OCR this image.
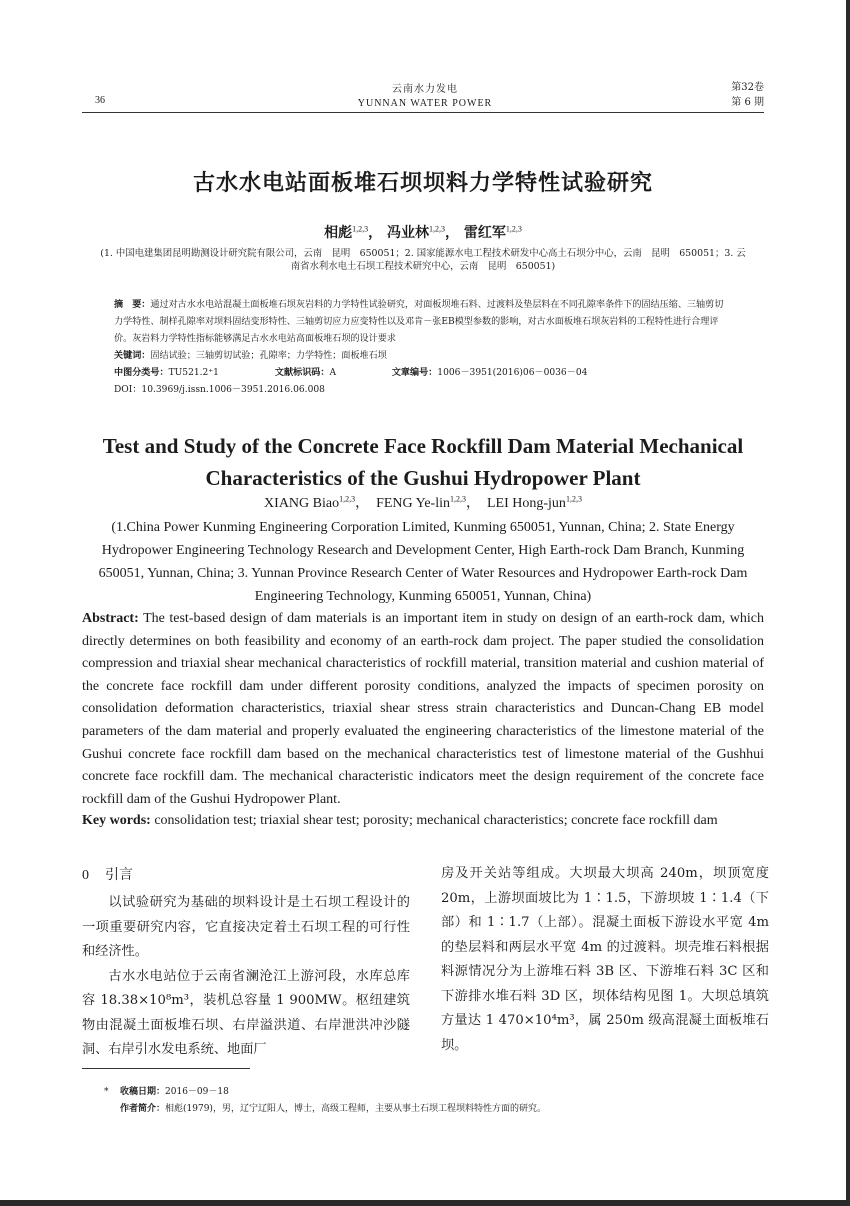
36
云南水力发电
YUNNAN WATER POWER
第32卷
第 6 期
古水水电站面板堆石坝坝料力学特性试验研究
相彪$^{1,2,3}$， 冯业林$^{1,2,3}$， 雷红军$^{1,2,3}$
(1. 中国电建集团昆明勘测设计研究院有限公司，云南　昆明　650051；2. 国家能源水电工程技术研发中心高土石坝分中心，云南　昆明　650051；3. 云南省水利水电土石坝工程技术研究中心，云南　昆明　650051)
摘　要：通过对古水水电站混凝土面板堆石坝灰岩料的力学特性试验研究，对面板坝堆石料、过渡料及垫层料在不同孔隙率条件下的固结压缩、三轴剪切力学特性、制样孔隙率对坝料固结变形特性、三轴剪切应力应变特性以及邓肯－张EB模型参数的影响，对古水面板堆石坝灰岩料的工程特性进行合理评价。灰岩料力学特性指标能够满足古水水电站高面板堆石坝的设计要求
关键词：固结试验；三轴剪切试验；孔隙率；力学特性；面板堆石坝
中图分类号：TU521.2⁺1	文献标识码：A	文章编号：1006－3951(2016)06－0036－04
DOI：10.3969/j.issn.1006－3951.2016.06.008
Test and Study of the Concrete Face Rockfill Dam Material Mechanical
Characteristics of the Gushui Hydropower Plant
XIANG Biao$^{1,2,3}$， FENG Ye-lin$^{1,2,3}$， LEI Hong-jun$^{1,2,3}$
(1.China Power Kunming Engineering Corporation Limited, Kunming 650051, Yunnan, China; 2. State Energy Hydropower Engineering Technology Research and Development Center, High Earth-rock Dam Branch, Kunming 650051, Yunnan, China; 3. Yunnan Province Research Center of Water Resources and Hydropower Earth-rock Dam Engineering Technology, Kunming 650051, Yunnan, China)
Abstract: The test-based design of dam materials is an important item in study on design of an earth-rock dam, which directly determines on both feasibility and economy of an earth-rock dam project. The paper studied the consolidation compression and triaxial shear mechanical characteristics of rockfill material, transition material and cushion material of the concrete face rockfill dam under different porosity conditions, analyzed the impacts of specimen porosity on consolidation deformation characteristics, triaxial shear stress strain characteristics and Duncan-Chang EB model parameters of the dam material and properly evaluated the engineering characteristics of the limestone material of the Gushui concrete face rockfill dam based on the mechanical characteristics test of limestone material of the Gushhui concrete face rockfill dam. The mechanical characteristic indicators meet the design requirement of the concrete face rockfill dam of the Gushui Hydropower Plant.
Key words: consolidation test; triaxial shear test; porosity; mechanical characteristics; concrete face rockfill dam
0 引言

以试验研究为基础的坝料设计是土石坝工程设计的一项重要研究内容，它直接决定着土石坝工程的可行性和经济性。

古水水电站位于云南省澜沧江上游河段，水库总库容 18.38×10⁸m³，装机总容量 1 900MW。枢纽建筑物由混凝土面板堆石坝、右岸溢洪道、右岸泄洪冲沙隧洞、右岸引水发电系统、地面厂

房及开关站等组成。大坝最大坝高 240m，坝顶宽度 20m，上游坝面坡比为 1∶1.5，下游坝坡 1∶1.4（下部）和 1∶1.7（上部）。混凝土面板下游设水平宽 4m 的垫层料和两层水平宽 4m 的过渡料。坝壳堆石料根据料源情况分为上游堆石料 3B 区、下游堆石料 3C 区和下游排水堆石料 3D 区，坝体结构见图 1。大坝总填筑方量达 1 470×10⁴m³，属 250m 级高混凝土面板堆石坝。

*	收稿日期：2016－09－18
作者简介：相彪(1979)，男，辽宁辽阳人，博士，高级工程师，主要从事土石坝工程坝料特性方面的研究。
